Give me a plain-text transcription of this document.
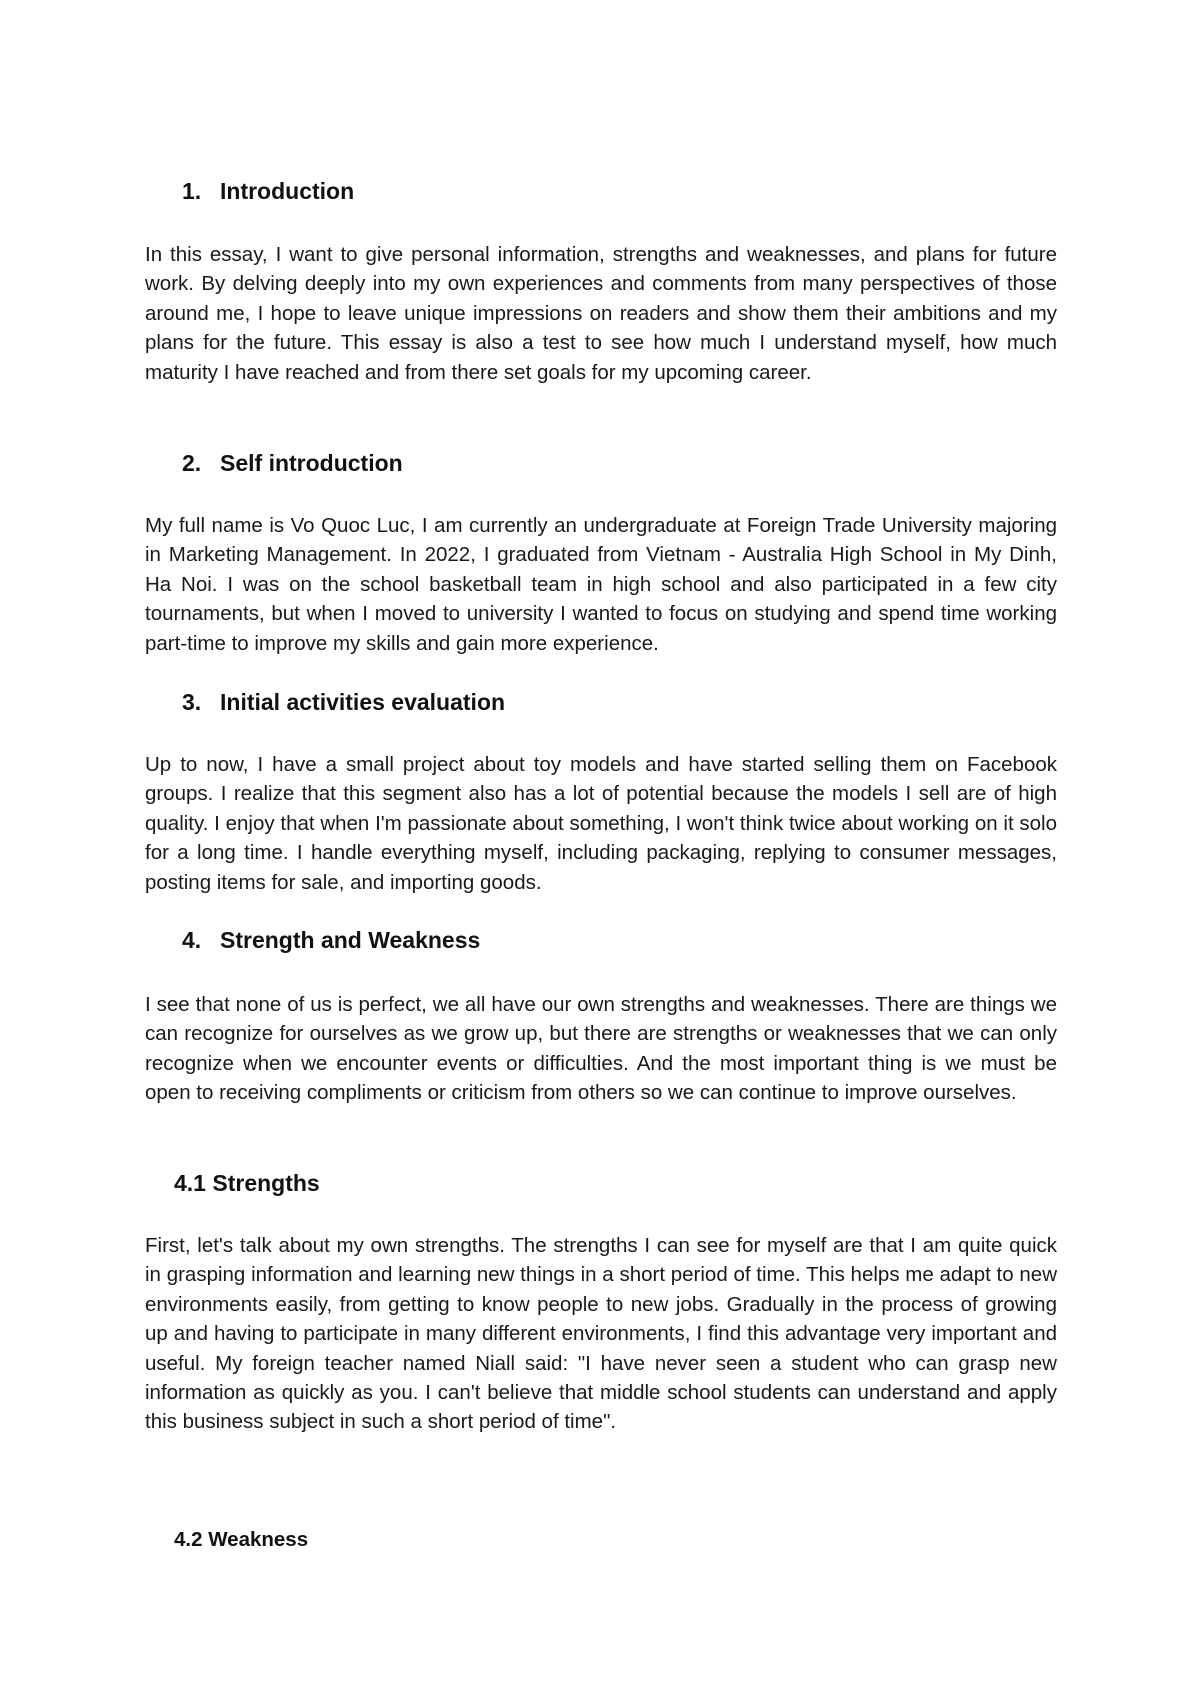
1. Introduction

In this essay, I want to give personal information, strengths and weaknesses, and plans for future work. By delving deeply into my own experiences and comments from many perspectives of those around me, I hope to leave unique impressions on readers and show them their ambitions and my plans for the future. This essay is also a test to see how much I understand myself, how much maturity I have reached and from there set goals for my upcoming career.

2. Self introduction

My full name is Vo Quoc Luc, I am currently an undergraduate at Foreign Trade University majoring in Marketing Management. In 2022, I graduated from Vietnam - Australia High School in My Dinh, Ha Noi. I was on the school basketball team in high school and also participated in a few city tournaments, but when I moved to university I wanted to focus on studying and spend time working part-time to improve my skills and gain more experience.

3. Initial activities evaluation

Up to now, I have a small project about toy models and have started selling them on Facebook groups. I realize that this segment also has a lot of potential because the models I sell are of high quality. I enjoy that when I'm passionate about something, I won't think twice about working on it solo for a long time. I handle everything myself, including packaging, replying to consumer messages, posting items for sale, and importing goods.

4. Strength and Weakness

I see that none of us is perfect, we all have our own strengths and weaknesses. There are things we can recognize for ourselves as we grow up, but there are strengths or weaknesses that we can only recognize when we encounter events or difficulties. And the most important thing is we must be open to receiving compliments or criticism from others so we can continue to improve ourselves.

4.1 Strengths

First, let's talk about my own strengths. The strengths I can see for myself are that I am quite quick in grasping information and learning new things in a short period of time. This helps me adapt to new environments easily, from getting to know people to new jobs. Gradually in the process of growing up and having to participate in many different environments, I find this advantage very important and useful. My foreign teacher named Niall said: "I have never seen a student who can grasp new information as quickly as you. I can't believe that middle school students can understand and apply this business subject in such a short period of time".

4.2 Weakness
